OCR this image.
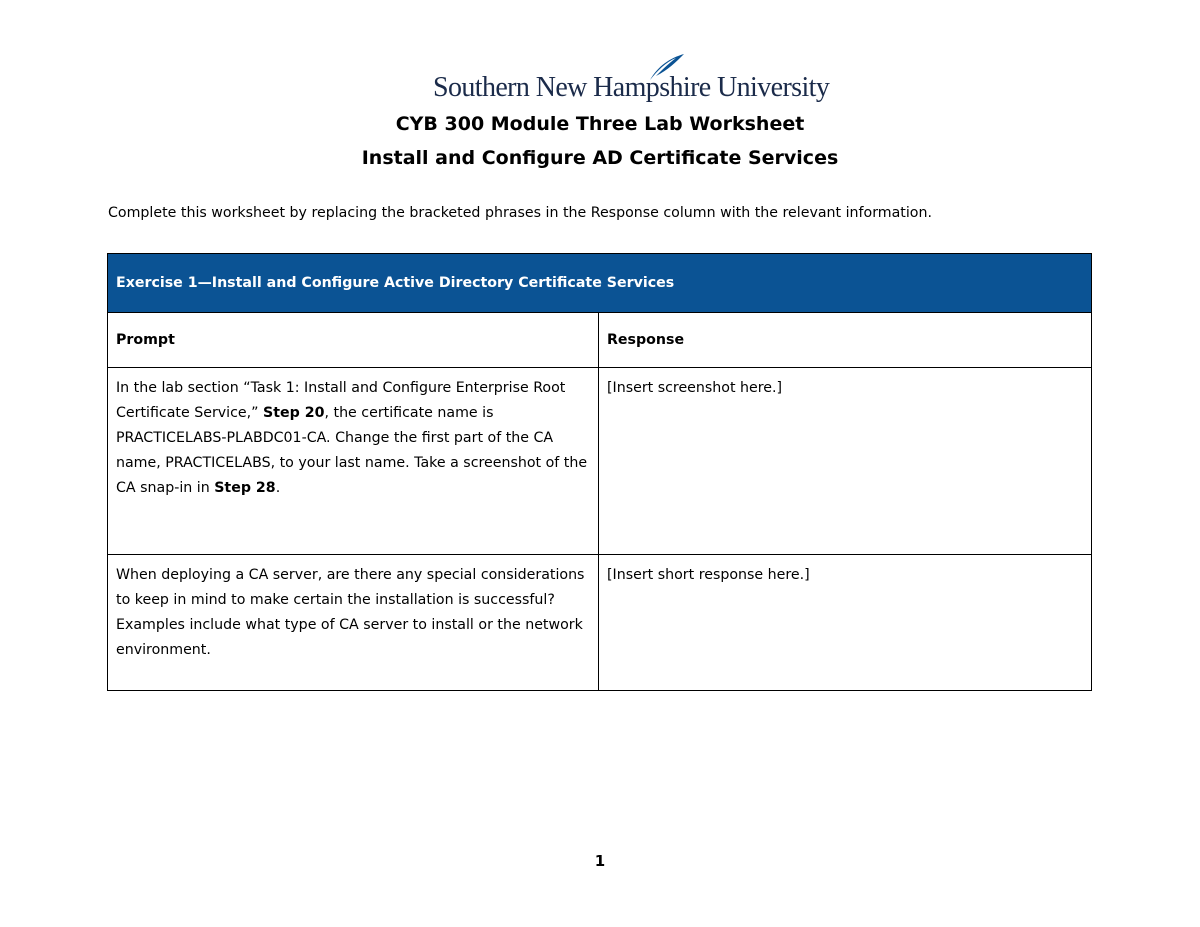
Southern New Hampshire University
CYB 300 Module Three Lab Worksheet
Install and Configure AD Certificate Services
Complete this worksheet by replacing the bracketed phrases in the Response column with the relevant information.
Exercise 1—Install and Configure Active Directory Certificate Services	
Prompt	Response
In the lab section “Task 1: Install and Configure Enterprise Root Certificate Service,” Step 20, the certificate name is PRACTICELABS-PLABDC01-CA. Change the first part of the CA name, PRACTICELABS, to your last name. Take a screenshot of the CA snap-in in Step 28.	[Insert screenshot here.]
When deploying a CA server, are there any special considerations to keep in mind to make certain the installation is successful? Examples include what type of CA server to install or the network environment.	[Insert short response here.]
1
